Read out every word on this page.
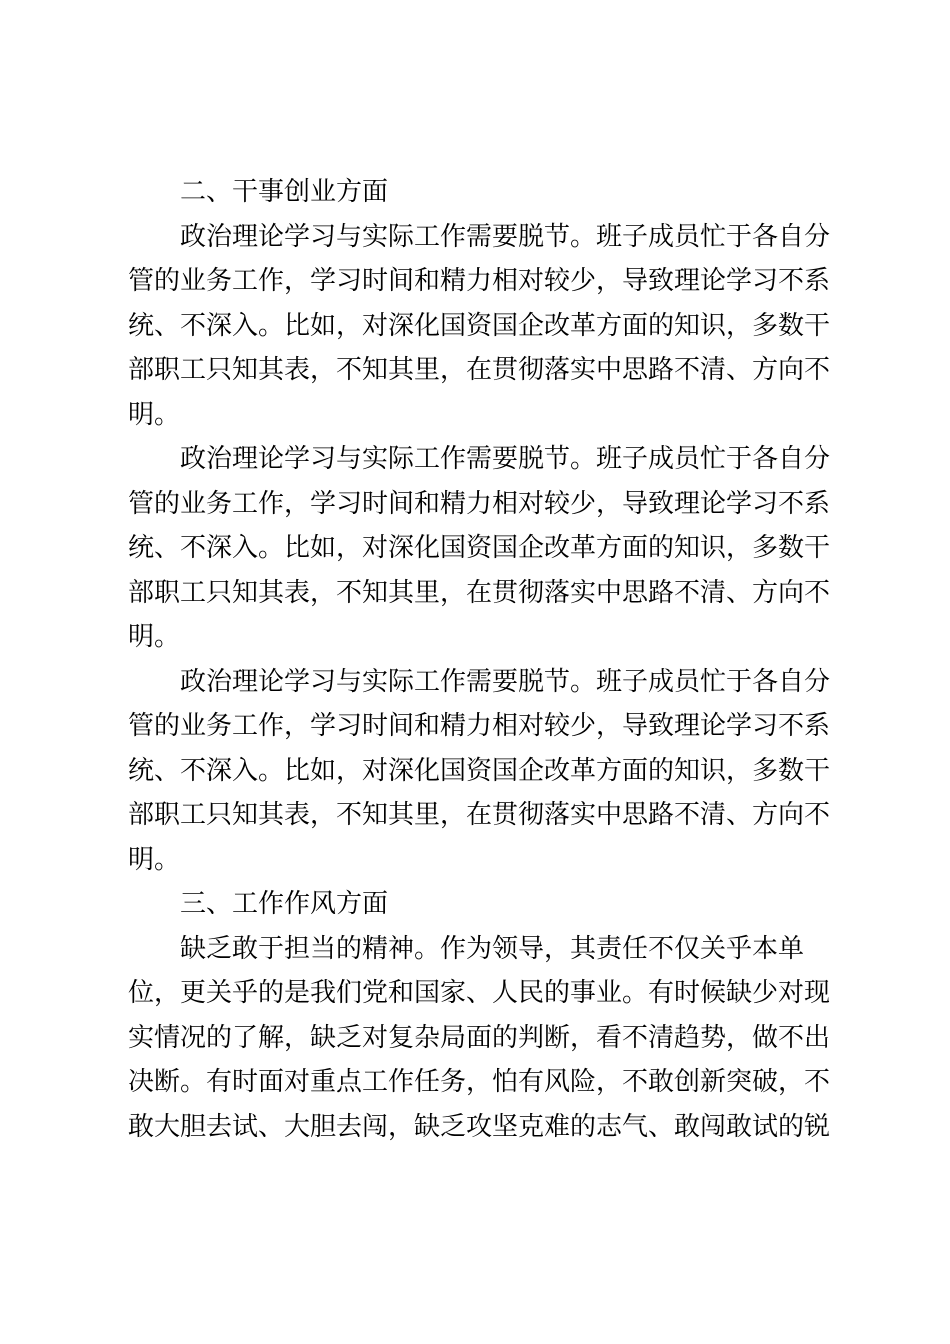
二、干事创业方面

政治理论学习与实际工作需要脱节。班子成员忙于各自分
管的业务工作，学习时间和精力相对较少，导致理论学习不系
统、不深入。比如，对深化国资国企改革方面的知识，多数干
部职工只知其表，不知其里，在贯彻落实中思路不清、方向不
明。

政治理论学习与实际工作需要脱节。班子成员忙于各自分
管的业务工作，学习时间和精力相对较少，导致理论学习不系
统、不深入。比如，对深化国资国企改革方面的知识，多数干
部职工只知其表，不知其里，在贯彻落实中思路不清、方向不
明。

政治理论学习与实际工作需要脱节。班子成员忙于各自分
管的业务工作，学习时间和精力相对较少，导致理论学习不系
统、不深入。比如，对深化国资国企改革方面的知识，多数干
部职工只知其表，不知其里，在贯彻落实中思路不清、方向不
明。

三、工作作风方面

缺乏敢于担当的精神。作为领导，其责任不仅关乎本单
位，更关乎的是我们党和国家、人民的事业。有时候缺少对现
实情况的了解，缺乏对复杂局面的判断，看不清趋势，做不出
决断。有时面对重点工作任务，怕有风险，不敢创新突破，不
敢大胆去试、大胆去闯，缺乏攻坚克难的志气、敢闯敢试的锐
